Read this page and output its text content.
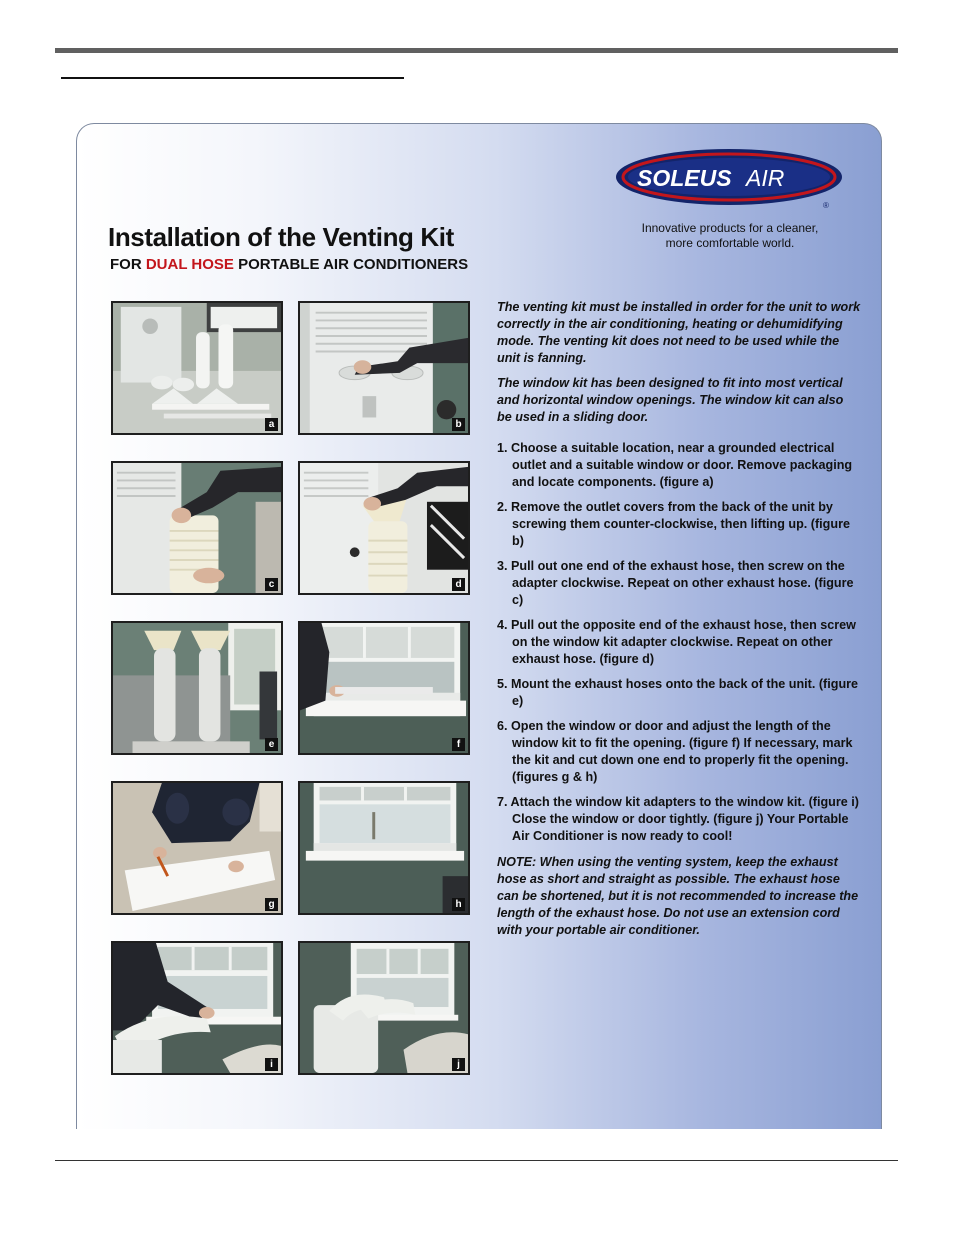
SOLEUS AIR
®
Innovative products for a cleaner,
more comfortable world.
Installation of the Venting Kit
FOR DUAL HOSE PORTABLE AIR CONDITIONERS
a	b
c	d
e	f
g	h
i	j

The venting kit must be installed in order for the unit to work correctly in the air conditioning, heating or dehumidifying mode. The venting kit does not need to be used while the unit is fanning.

The window kit has been designed to fit into most vertical and horizontal window openings. The window kit can also be used in a sliding door.

1. Choose a suitable location, near a grounded electrical outlet and a suitable window or door. Remove packaging and locate components. (figure a)
2. Remove the outlet covers from the back of the unit by screwing them counter-clockwise, then lifting up. (figure b)
3. Pull out one end of the exhaust hose, then screw on the adapter clockwise. Repeat on other exhaust hose. (figure c)
4. Pull out the opposite end of the exhaust hose, then screw on the window kit adapter clockwise. Repeat on other exhaust hose. (figure d)
5. Mount the exhaust hoses onto the back of the unit. (figure e)
6. Open the window or door and adjust the length of the window kit to fit the opening. (figure f) If necessary, mark the kit and cut down one end to properly fit the opening. (figures g & h)
7. Attach the window kit adapters to the window kit. (figure i) Close the window or door tightly. (figure j) Your Portable Air Conditioner is now ready to cool!

NOTE: When using the venting system, keep the exhaust hose as short and straight as possible. The exhaust hose can be shortened, but it is not recommended to increase the length of the exhaust hose. Do not use an extension cord with your portable air conditioner.
